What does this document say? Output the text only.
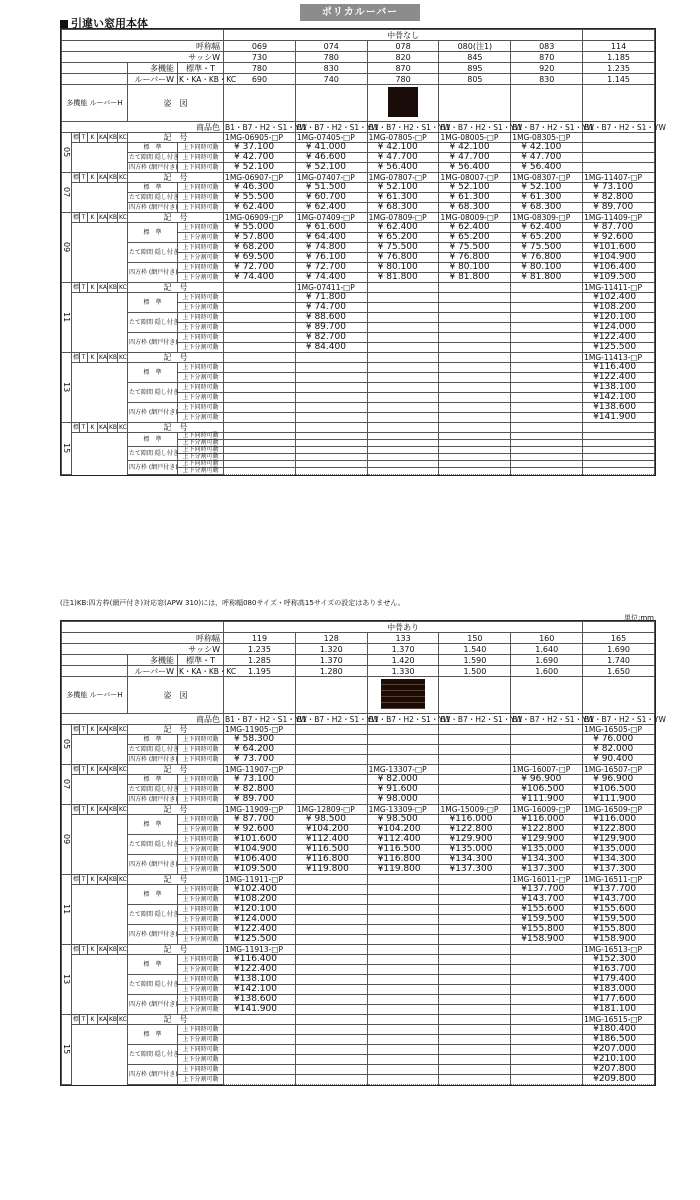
ポリカルーバー
引違い窓用本体
									中骨なし					
呼称幅									069	074	078	080(注1)	083	114
サッシW									730	780	820	845	870	1.185
							多機能	標準・T	780	830	870	895	920	1.235
							ルーバーW	K・KA・KB・KC	690	740	780	805	830	1.145
多機能 ルーバーH							姿　図							
商品色									B1・B7・H2・S1・YW	B1・B7・H2・S1・YW	B1・B7・H2・S1・YW	B1・B7・H2・S1・YW	B1・B7・H2・S1・YW	B1・B7・H2・S1・YW
05	標	T	K	KA	KB	KC	記　号		1MG-06905-□P	1MG-07405-□P	1MG-07805-□P	1MG-08005-□P	1MG-08305-□P	
							標　準	上下同時可動	¥ 37.100	¥ 41.000	¥ 42.100	¥ 42.100	¥ 42.100	
							たて隙間 隠し付き	上下同時可動	¥ 42.700	¥ 46.600	¥ 47.700	¥ 47.700	¥ 47.700	
							四方枠 (網戸付き)	上下同時可動	¥ 52.100	¥ 52.100	¥ 56.400	¥ 56.400	¥ 56.400	
07	標	T	K	KA	KB	KC	記　号		1MG-06907-□P	1MG-07407-□P	1MG-07807-□P	1MG-08007-□P	1MG-08307-□P	1MG-11407-□P
							標　準	上下同時可動	¥ 46.300	¥ 51.500	¥ 52.100	¥ 52.100	¥ 52.100	¥ 73.100
							たて隙間 隠し付き	上下同時可動	¥ 55.500	¥ 60.700	¥ 61.300	¥ 61.300	¥ 61.300	¥ 82.800
							四方枠 (網戸付き)	上下同時可動	¥ 62.400	¥ 62.400	¥ 68.300	¥ 68.300	¥ 68.300	¥ 89.700
09	標	T	K	KA	KB	KC	記　号		1MG-06909-□P	1MG-07409-□P	1MG-07809-□P	1MG-08009-□P	1MG-08309-□P	1MG-11409-□P
							標　準	上下同時可動	¥ 55.000	¥ 61.600	¥ 62.400	¥ 62.400	¥ 62.400	¥ 87.700
								上下分割可動	¥ 57.800	¥ 64.400	¥ 65.200	¥ 65.200	¥ 65.200	¥ 92.600
							たて隙間 隠し付き	上下同時可動	¥ 68.200	¥ 74.800	¥ 75.500	¥ 75.500	¥ 75.500	¥101.600
								上下分割可動	¥ 69.500	¥ 76.100	¥ 76.800	¥ 76.800	¥ 76.800	¥104.900
							四方枠 (網戸付き)	上下同時可動	¥ 72.700	¥ 72.700	¥ 80.100	¥ 80.100	¥ 80.100	¥106.400
								上下分割可動	¥ 74.400	¥ 74.400	¥ 81.800	¥ 81.800	¥ 81.800	¥109.500
11	標	T	K	KA	KB	KC	記　号			1MG-07411-□P				1MG-11411-□P
							標　準	上下同時可動		¥ 71.800				¥102.400
								上下分割可動		¥ 74.700				¥108.200
							たて隙間 隠し付き	上下同時可動		¥ 88.600				¥120.100
								上下分割可動		¥ 89.700				¥124.000
							四方枠 (網戸付き)	上下同時可動		¥ 82.700				¥122.400
								上下分割可動		¥ 84.400				¥125.500
13	標	T	K	KA	KB	KC	記　号							1MG-11413-□P
							標　準	上下同時可動						¥116.400
								上下分割可動						¥122.400
							たて隙間 隠し付き	上下同時可動						¥138.100
								上下分割可動						¥142.100
							四方枠 (網戸付き)	上下同時可動						¥138.600
								上下分割可動						¥141.900
15	標	T	K	KA	KB	KC	記　号							
							標　準	上下同時可動						
								上下分割可動						
							たて隙間 隠し付き	上下同時可動						
								上下分割可動						
							四方枠 (網戸付き)	上下同時可動						
								上下分割可動						
(注1)KB:四方枠(網戸付き)対応窓(APW 310)には、呼称幅080サイズ・呼称高15サイズの設定はありません。
単位:mm
									中骨あり					
呼称幅									119	128	133	150	160	165
サッシW									1.235	1.320	1.370	1.540	1.640	1.690
							多機能	標準・T	1.285	1.370	1.420	1.590	1.690	1.740
							ルーバーW	K・KA・KB・KC	1.195	1.280	1.330	1.500	1.600	1.650
多機能 ルーバーH							姿　図							
商品色									B1・B7・H2・S1・YW	B1・B7・H2・S1・YW	B1・B7・H2・S1・YW	B1・B7・H2・S1・YW	B1・B7・H2・S1・YW	B1・B7・H2・S1・YW
05	標	T	K	KA	KB	KC	記　号		1MG-11905-□P					1MG-16505-□P
							標　準	上下同時可動	¥ 58.300					¥ 76.000
							たて隙間 隠し付き	上下同時可動	¥ 64.200					¥ 82.000
							四方枠 (網戸付き)	上下同時可動	¥ 73.700					¥ 90.400
07	標	T	K	KA	KB	KC	記　号		1MG-11907-□P		1MG-13307-□P		1MG-16007-□P	1MG-16507-□P
							標　準	上下同時可動	¥ 73.100		¥ 82.000		¥ 96.900	¥ 96.900
							たて隙間 隠し付き	上下同時可動	¥ 82.800		¥ 91.600		¥106.500	¥106.500
							四方枠 (網戸付き)	上下同時可動	¥ 89.700		¥ 98.000		¥111.900	¥111.900
09	標	T	K	KA	KB	KC	記　号		1MG-11909-□P	1MG-12809-□P	1MG-13309-□P	1MG-15009-□P	1MG-16009-□P	1MG-16509-□P
							標　準	上下同時可動	¥ 87.700	¥ 98.500	¥ 98.500	¥116.000	¥116.000	¥116.000
								上下分割可動	¥ 92.600	¥104.200	¥104.200	¥122.800	¥122.800	¥122.800
							たて隙間 隠し付き	上下同時可動	¥101.600	¥112.400	¥112.400	¥129.900	¥129.900	¥129.900
								上下分割可動	¥104.900	¥116.500	¥116.500	¥135.000	¥135.000	¥135.000
							四方枠 (網戸付き)	上下同時可動	¥106.400	¥116.800	¥116.800	¥134.300	¥134.300	¥134.300
								上下分割可動	¥109.500	¥119.800	¥119.800	¥137.300	¥137.300	¥137.300
11	標	T	K	KA	KB	KC	記　号		1MG-11911-□P				1MG-16011-□P	1MG-16511-□P
							標　準	上下同時可動	¥102.400				¥137.700	¥137.700
								上下分割可動	¥108.200				¥143.700	¥143.700
							たて隙間 隠し付き	上下同時可動	¥120.100				¥155.600	¥155.600
								上下分割可動	¥124.000				¥159.500	¥159.500
							四方枠 (網戸付き)	上下同時可動	¥122.400				¥155.800	¥155.800
								上下分割可動	¥125.500				¥158.900	¥158.900
13	標	T	K	KA	KB	KC	記　号		1MG-11913-□P					1MG-16513-□P
							標　準	上下同時可動	¥116.400					¥152.300
								上下分割可動	¥122.400					¥163.700
							たて隙間 隠し付き	上下同時可動	¥138.100					¥179.400
								上下分割可動	¥142.100					¥183.000
							四方枠 (網戸付き)	上下同時可動	¥138.600					¥177.600
								上下分割可動	¥141.900					¥181.100
15	標	T	K	KA	KB	KC	記　号							1MG-16515-□P
							標　準	上下同時可動						¥180.400
								上下分割可動						¥186.500
							たて隙間 隠し付き	上下同時可動						¥207.000
								上下分割可動						¥210.100
							四方枠 (網戸付き)	上下同時可動						¥207.800
								上下分割可動						¥209.800
